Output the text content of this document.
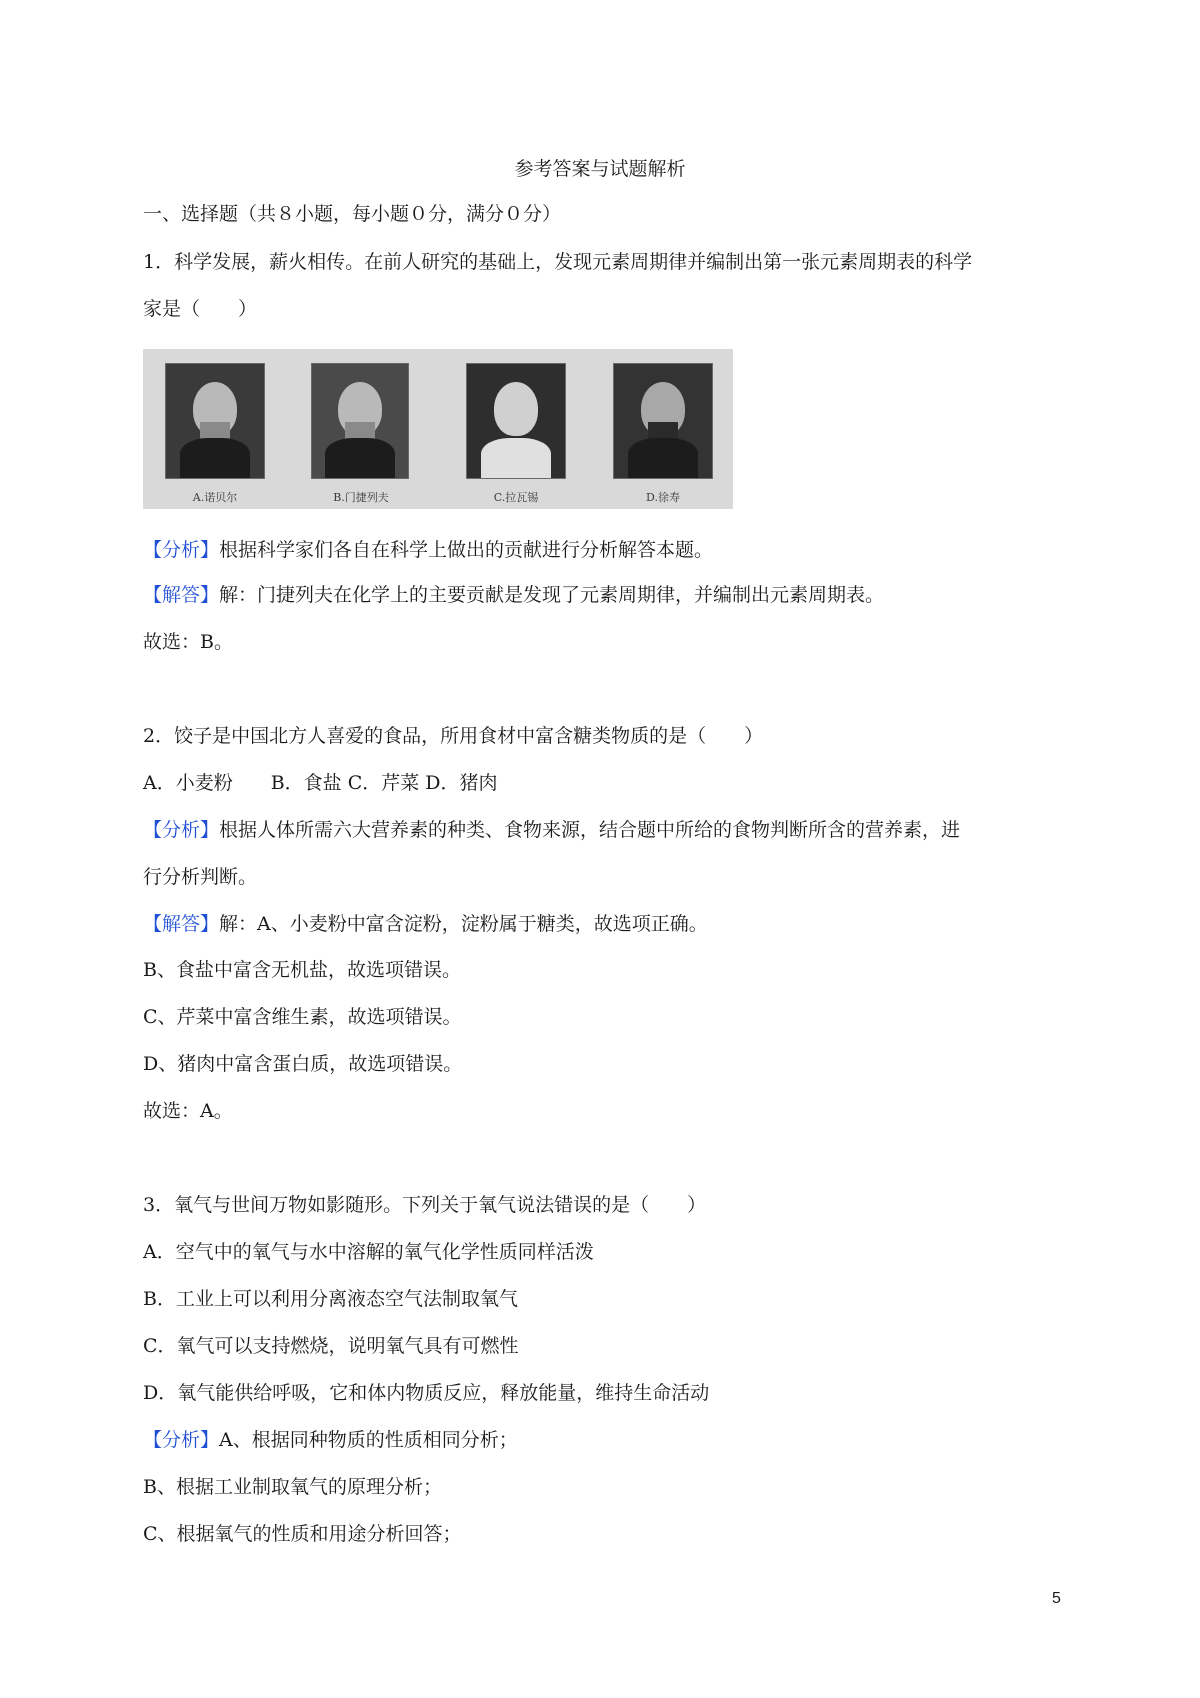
参考答案与试题解析
一、选择题（共８小题，每小题０分，满分０分）
1．科学发展，薪火相传。在前人研究的基础上，发现元素周期律并编制出第一张元素周期表的科学
家是（　　）
A.诺贝尔	B.门捷列夫	C.拉瓦锡	D.徐寿
【分析】根据科学家们各自在科学上做出的贡献进行分析解答本题。
【解答】解：门捷列夫在化学上的主要贡献是发现了元素周期律，并编制出元素周期表。
故选：B。
2．饺子是中国北方人喜爱的食品，所用食材中富含糖类物质的是（　　）
A．小麦粉　　B．食盐 C．芹菜 D．猪肉
【分析】根据人体所需六大营养素的种类、食物来源，结合题中所给的食物判断所含的营养素，进
行分析判断。
【解答】解：A、小麦粉中富含淀粉，淀粉属于糖类，故选项正确。
B、食盐中富含无机盐，故选项错误。
C、芹菜中富含维生素，故选项错误。
D、猪肉中富含蛋白质，故选项错误。
故选：A。
3．氧气与世间万物如影随形。下列关于氧气说法错误的是（　　）
A．空气中的氧气与水中溶解的氧气化学性质同样活泼
B．工业上可以利用分离液态空气法制取氧气
C．氧气可以支持燃烧，说明氧气具有可燃性
D．氧气能供给呼吸，它和体内物质反应，释放能量，维持生命活动
【分析】A、根据同种物质的性质相同分析；
B、根据工业制取氧气的原理分析；
C、根据氧气的性质和用途分析回答；
5
